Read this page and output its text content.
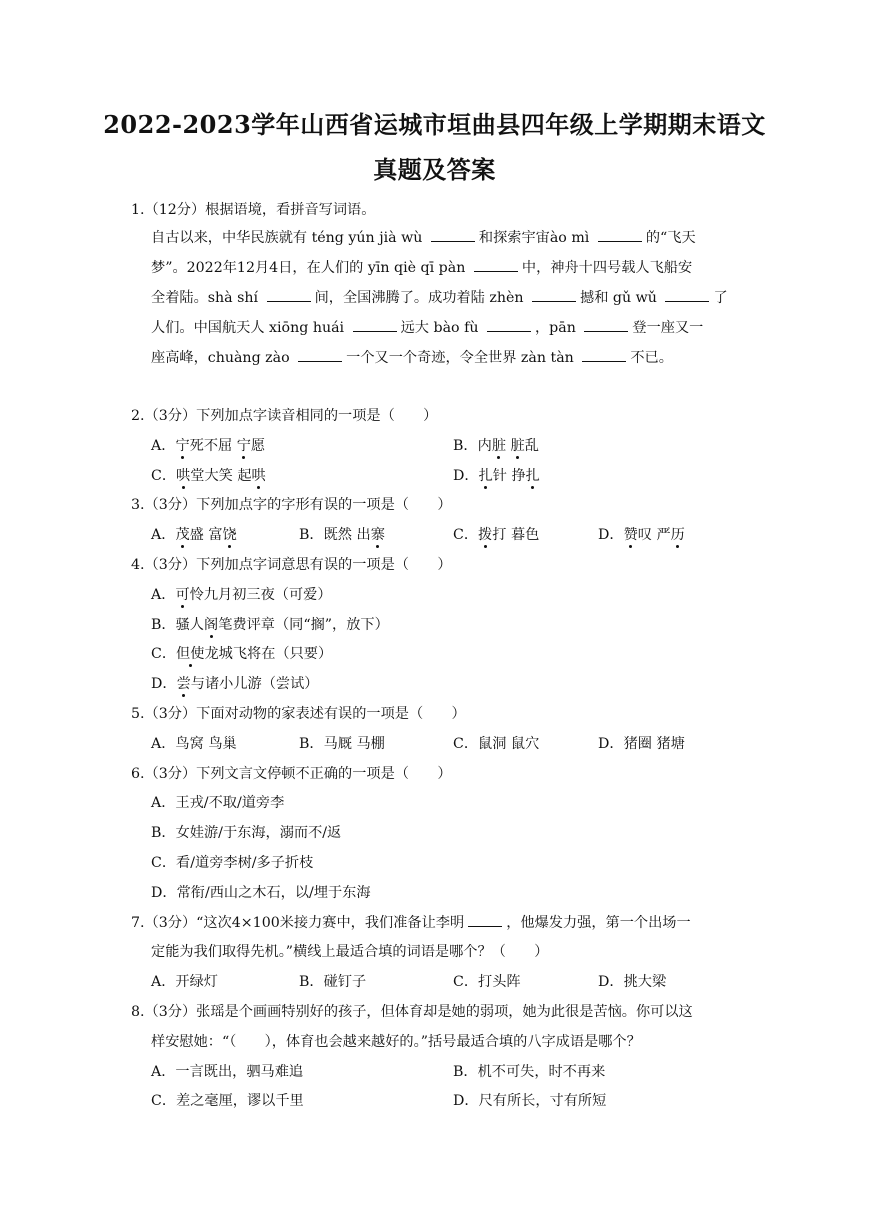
2022-2023学年山西省运城市垣曲县四年级上学期期末语文
真题及答案
1.（12分）根据语境，看拼音写词语。
自古以来，中华民族就有 téng yún jià wù	和探索宇宙ào mì	的“飞天
梦”。2022年12月4日，在人们的 yīn qiè qī pàn	中，神舟十四号载人飞船安
全着陆。shà shí	间，全国沸腾了。成功着陆 zhèn	撼和 gǔ wǔ	了
人们。中国航天人 xiōng huái	远大 bào fù	，pān	登一座又一
座高峰，chuàng zào	一个又一个奇迹，令全世界 zàn tàn	不已。
2.（3分）下列加点字读音相同的一项是（　　）
A．宁死不屈 宁愿	B．内脏 脏乱
C．哄堂大笑 起哄	D．扎针 挣扎
3.（3分）下列加点字的字形有误的一项是（　　）
A．茂盛 富饶	B．既然 出寨	C．拨打 暮色	D．赞叹 严历
4.（3分）下列加点字词意思有误的一项是（　　）
A．可怜九月初三夜（可爱）
B．骚人阁笔费评章（同“搁”，放下）
C．但使龙城飞将在（只要）
D．尝与诸小儿游（尝试）
5.（3分）下面对动物的家表述有误的一项是（　　）
A．鸟窝 鸟巢	B．马厩 马棚	C．鼠洞 鼠穴	D．猪圈 猪塘
6.（3分）下列文言文停顿不正确的一项是（　　）
A．王戎/不取/道旁李
B．女娃游/于东海，溺而不/返
C．看/道旁李树/多子折枝
D．常衔/西山之木石，以/埋于东海
7.（3分）“这次4×100米接力赛中，我们准备让李明	，他爆发力强，第一个出场一
定能为我们取得先机。”横线上最适合填的词语是哪个？（　　）
A．开绿灯	B．碰钉子	C．打头阵	D．挑大梁
8.（3分）张瑶是个画画特别好的孩子，但体育却是她的弱项，她为此很是苦恼。你可以这
样安慰她：“（　　），体育也会越来越好的。”括号最适合填的八字成语是哪个？
A．一言既出，驷马难追	B．机不可失，时不再来
C．差之毫厘，谬以千里	D．尺有所长，寸有所短
